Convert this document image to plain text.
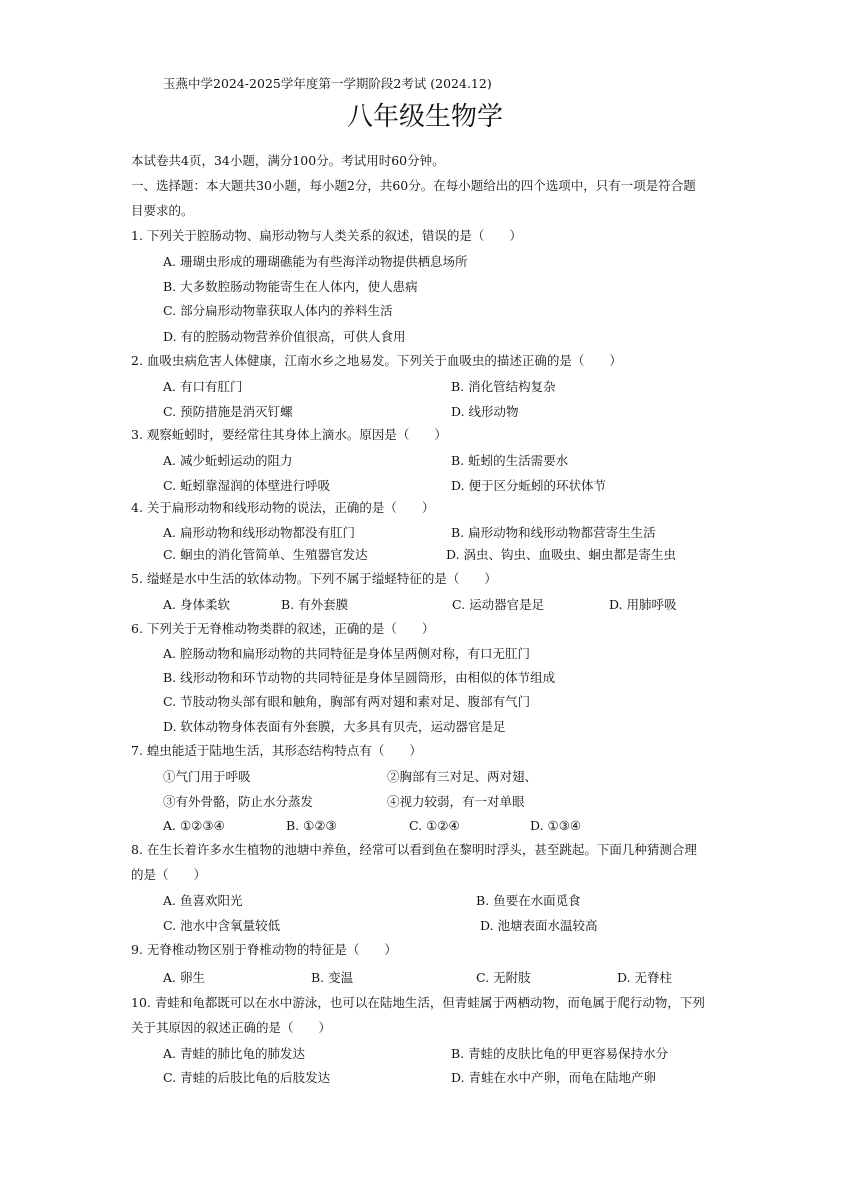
玉燕中学2024-2025学年度第一学期阶段2考试 (2024.12)
八年级生物学
本试卷共4页，34小题，满分100分。考试用时60分钟。
一、选择题：本大题共30小题，每小题2分，共60分。在每小题给出的四个选项中，只有一项是符合题
目要求的。
1. 下列关于腔肠动物、扁形动物与人类关系的叙述，错误的是（　　）
A. 珊瑚虫形成的珊瑚礁能为有些海洋动物提供栖息场所
B. 大多数腔肠动物能寄生在人体内，使人患病
C. 部分扁形动物靠获取人体内的养料生活
D. 有的腔肠动物营养价值很高，可供人食用
2. 血吸虫病危害人体健康，江南水乡之地易发。下列关于血吸虫的描述正确的是（　　）
A. 有口有肛门	B. 消化管结构复杂
C. 预防措施是消灭钉螺	D. 线形动物
3. 观察蚯蚓时，要经常往其身体上滴水。原因是（　　）
A. 减少蚯蚓运动的阻力	B. 蚯蚓的生活需要水
C. 蚯蚓靠湿润的体壁进行呼吸	D. 便于区分蚯蚓的环状体节
4. 关于扁形动物和线形动物的说法，正确的是（　　）
A. 扁形动物和线形动物都没有肛门	B. 扁形动物和线形动物都营寄生生活
C. 蛔虫的消化管简单、生殖器官发达	D. 涡虫、钩虫、血吸虫、蛔虫都是寄生虫
5. 缢蛏是水中生活的软体动物。下列不属于缢蛏特征的是（　　）
A. 身体柔软	B. 有外套膜	C. 运动器官是足	D. 用肺呼吸
6. 下列关于无脊椎动物类群的叙述，正确的是（　　）
A. 腔肠动物和扁形动物的共同特征是身体呈两侧对称，有口无肛门
B. 线形动物和环节动物的共同特征是身体呈圆筒形，由相似的体节组成
C. 节肢动物头部有眼和触角，胸部有两对翅和素对足、腹部有气门
D. 软体动物身体表面有外套膜，大多具有贝壳，运动器官是足
7. 蝗虫能适于陆地生活，其形态结构特点有（　　）
①气门用于呼吸	②胸部有三对足、两对翅、
③有外骨骼，防止水分蒸发	④视力较弱，有一对单眼
A. ①②③④	B. ①②③	C. ①②④	D. ①③④
8. 在生长着许多水生植物的池塘中养鱼，经常可以看到鱼在黎明时浮头，甚至跳起。下面几种猜测合理
的是（　　）
A. 鱼喜欢阳光	B. 鱼要在水面觅食
C. 池水中含氧量较低	D. 池塘表面水温较高
9. 无脊椎动物区别于脊椎动物的特征是（　　）
A. 卵生	B. 变温	C. 无附肢	D. 无脊柱
10. 青蛙和龟都既可以在水中游泳，也可以在陆地生活，但青蛙属于两栖动物，而龟属于爬行动物，下列
关于其原因的叙述正确的是（　　）
A. 青蛙的肺比龟的肺发达	B. 青蛙的皮肤比龟的甲更容易保持水分
C. 青蛙的后肢比龟的后肢发达	D. 青蛙在水中产卵，而龟在陆地产卵
